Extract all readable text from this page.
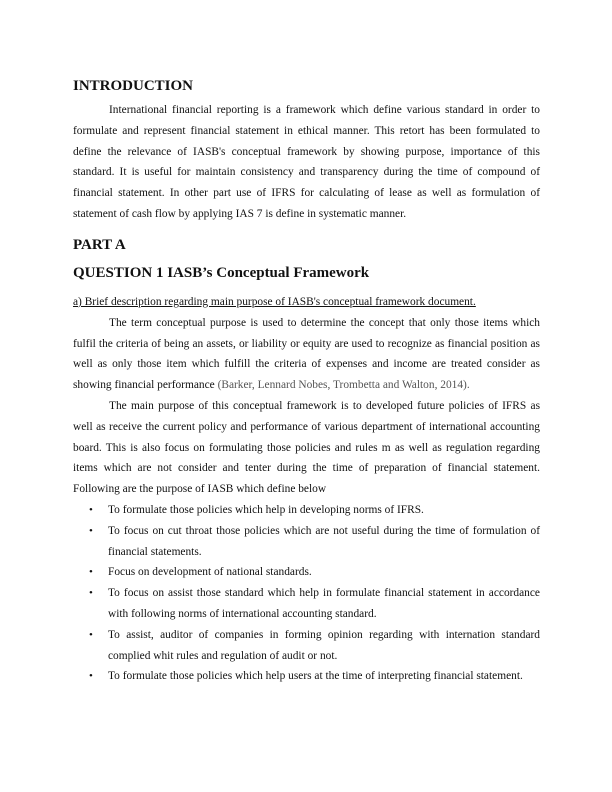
INTRODUCTION

International financial reporting is a framework which define various standard in order to formulate and represent financial statement in ethical manner. This retort has been formulated to define the relevance of IASB's conceptual framework by showing purpose, importance of this standard. It is useful for maintain consistency and transparency during the time of compound of financial statement. In other part use of IFRS for calculating of lease as well as formulation of statement of cash flow by applying IAS 7 is define in systematic manner.

PART A
QUESTION 1 IASB’s Conceptual Framework
a) Brief description regarding main purpose of IASB's conceptual framework document.

The term conceptual purpose is used to determine the concept that only those items which fulfil the criteria of being an assets, or liability or equity are used to recognize as financial position as well as only those item which fulfill the criteria of expenses and income are treated consider as showing financial performance (Barker, Lennard Nobes, Trombetta and Walton, 2014).

The main purpose of this conceptual framework is to developed future policies of IFRS as well as receive the current policy and performance of various department of international accounting board. This is also focus on formulating those policies and rules m as well as regulation regarding items which are not consider and tenter during the time of preparation of financial statement. Following are the purpose of IASB which define below

• To formulate those policies which help in developing norms of IFRS.
• To focus on cut throat those policies which are not useful during the time of formulation of financial statements.
• Focus on development of national standards.
• To focus on assist those standard which help in formulate financial statement in accordance with following norms of international accounting standard.
• To assist, auditor of companies in forming opinion regarding with internation standard complied whit rules and regulation of audit or not.
• To formulate those policies which help users at the time of interpreting financial statement.
